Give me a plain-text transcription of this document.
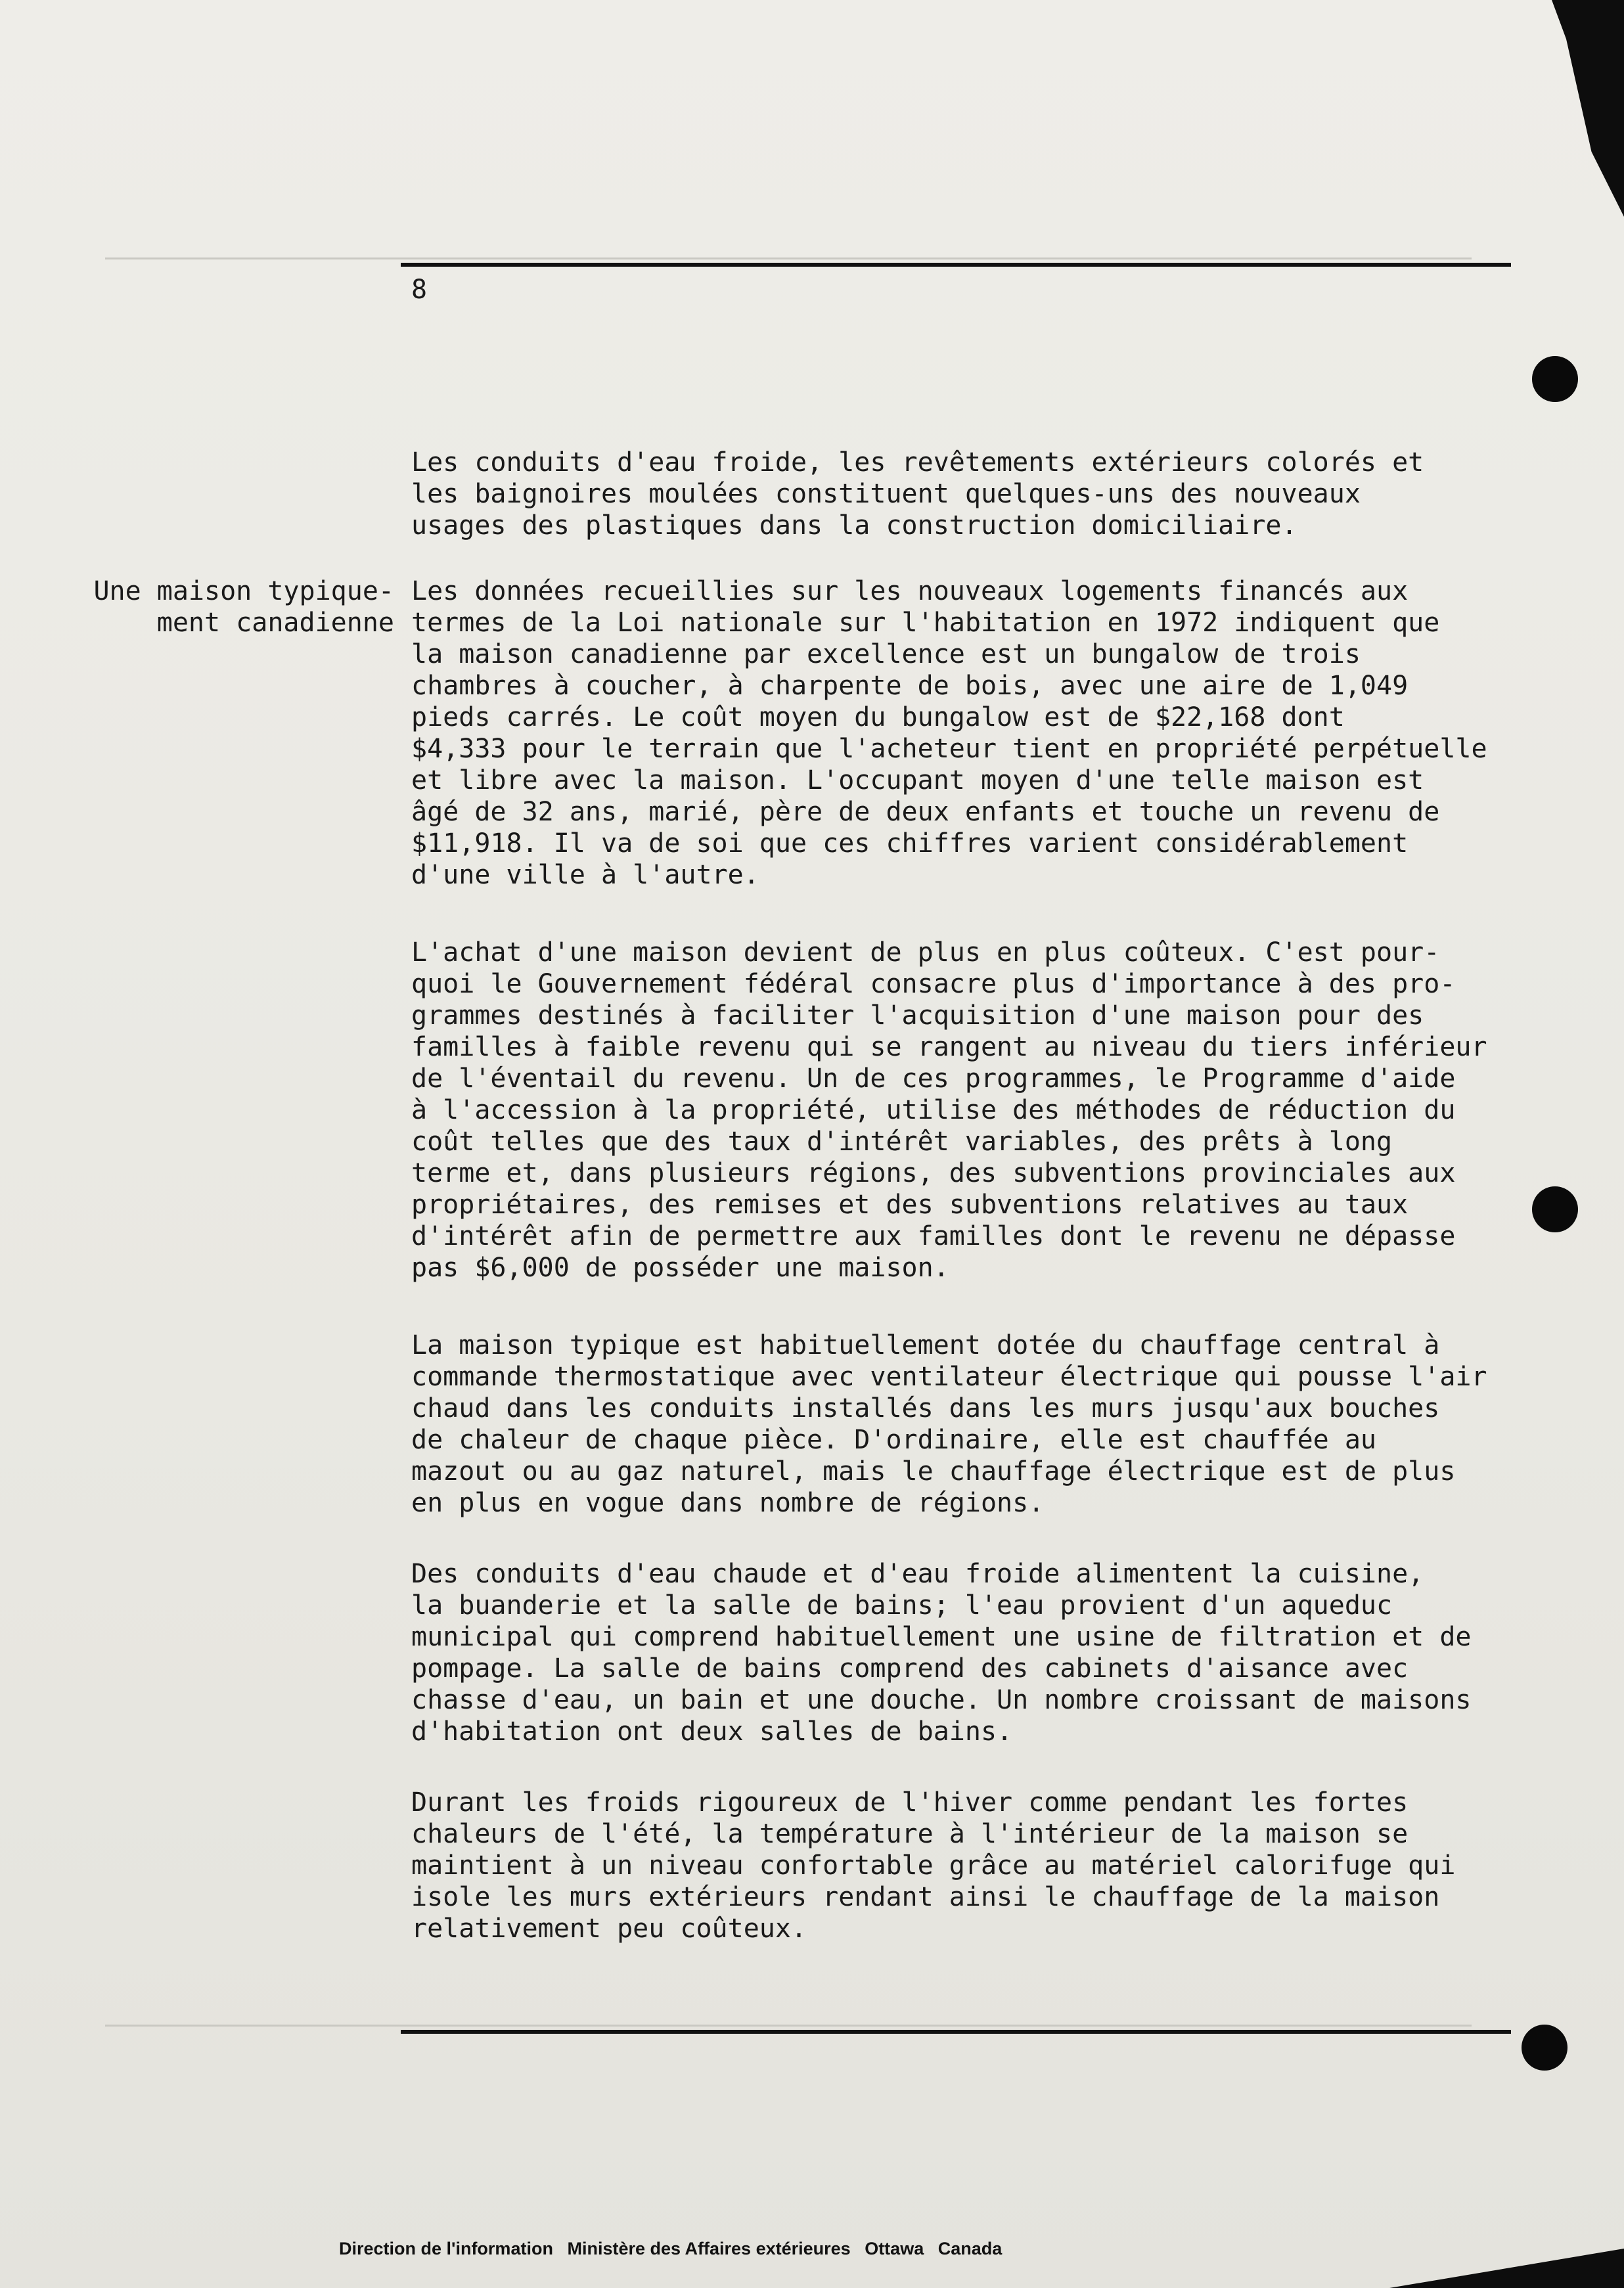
8
Une maison typique-
ment canadienne
Les conduits d'eau froide, les revêtements extérieurs colorés et
les baignoires moulées constituent quelques-uns des nouveaux
usages des plastiques dans la construction domiciliaire.
Les données recueillies sur les nouveaux logements financés aux
termes de la Loi nationale sur l'habitation en 1972 indiquent que
la maison canadienne par excellence est un bungalow de trois
chambres à coucher, à charpente de bois, avec une aire de 1,049
pieds carrés. Le coût moyen du bungalow est de $22,168 dont
$4,333 pour le terrain que l'acheteur tient en propriété perpétuelle
et libre avec la maison. L'occupant moyen d'une telle maison est
âgé de 32 ans, marié, père de deux enfants et touche un revenu de
$11,918. Il va de soi que ces chiffres varient considérablement
d'une ville à l'autre.
L'achat d'une maison devient de plus en plus coûteux. C'est pour-
quoi le Gouvernement fédéral consacre plus d'importance à des pro-
grammes destinés à faciliter l'acquisition d'une maison pour des
familles à faible revenu qui se rangent au niveau du tiers inférieur
de l'éventail du revenu. Un de ces programmes, le Programme d'aide
à l'accession à la propriété, utilise des méthodes de réduction du
coût telles que des taux d'intérêt variables, des prêts à long
terme et, dans plusieurs régions, des subventions provinciales aux
propriétaires, des remises et des subventions relatives au taux
d'intérêt afin de permettre aux familles dont le revenu ne dépasse
pas $6,000 de posséder une maison.
La maison typique est habituellement dotée du chauffage central à
commande thermostatique avec ventilateur électrique qui pousse l'air
chaud dans les conduits installés dans les murs jusqu'aux bouches
de chaleur de chaque pièce. D'ordinaire, elle est chauffée au
mazout ou au gaz naturel, mais le chauffage électrique est de plus
en plus en vogue dans nombre de régions.
Des conduits d'eau chaude et d'eau froide alimentent la cuisine,
la buanderie et la salle de bains; l'eau provient d'un aqueduc
municipal qui comprend habituellement une usine de filtration et de
pompage. La salle de bains comprend des cabinets d'aisance avec
chasse d'eau, un bain et une douche. Un nombre croissant de maisons
d'habitation ont deux salles de bains.
Durant les froids rigoureux de l'hiver comme pendant les fortes
chaleurs de l'été, la température à l'intérieur de la maison se
maintient à un niveau confortable grâce au matériel calorifuge qui
isole les murs extérieurs rendant ainsi le chauffage de la maison
relativement peu coûteux.
Direction de l'information Ministère des Affaires extérieures Ottawa Canada
